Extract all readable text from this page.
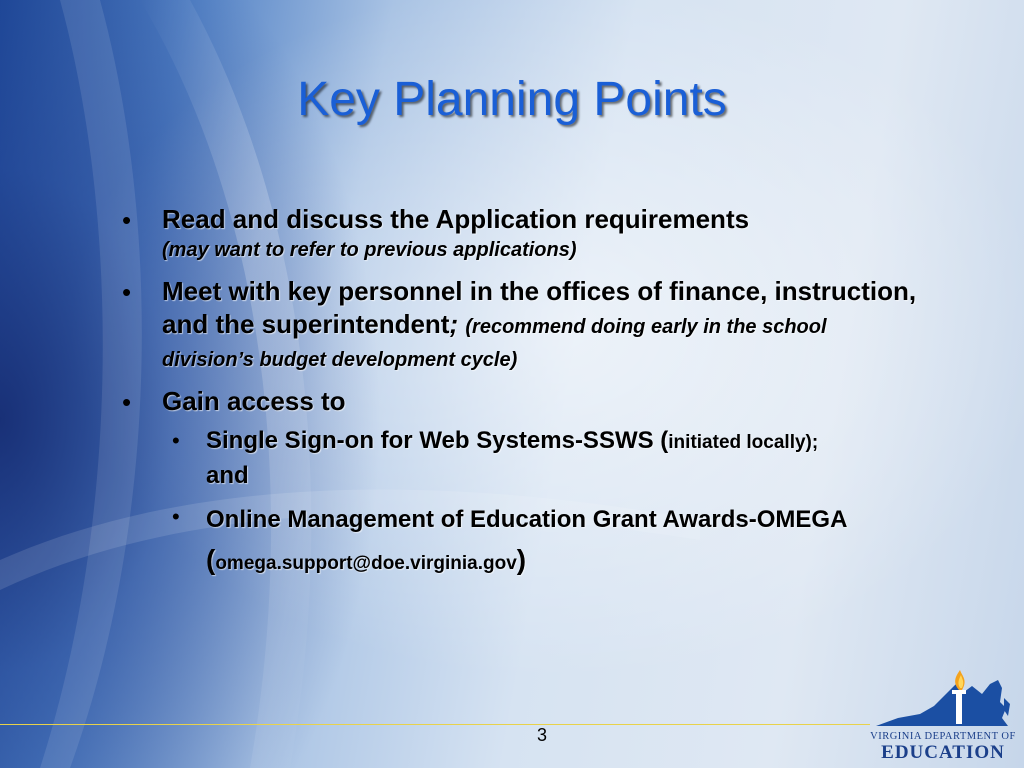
Key Planning Points
• Read and discuss the Application requirements
(may want to refer to previous applications)
• Meet with key personnel in the offices of finance, instruction, and the superintendent; (recommend doing early in the school division’s budget development cycle)
• Gain access to
• Single Sign-on for Web Systems-SSWS (initiated locally);
and
• Online Management of Education Grant Awards-OMEGA (omega.support@doe.virginia.gov)
3	VIRGINIA DEPARTMENT OF
EDUCATION
